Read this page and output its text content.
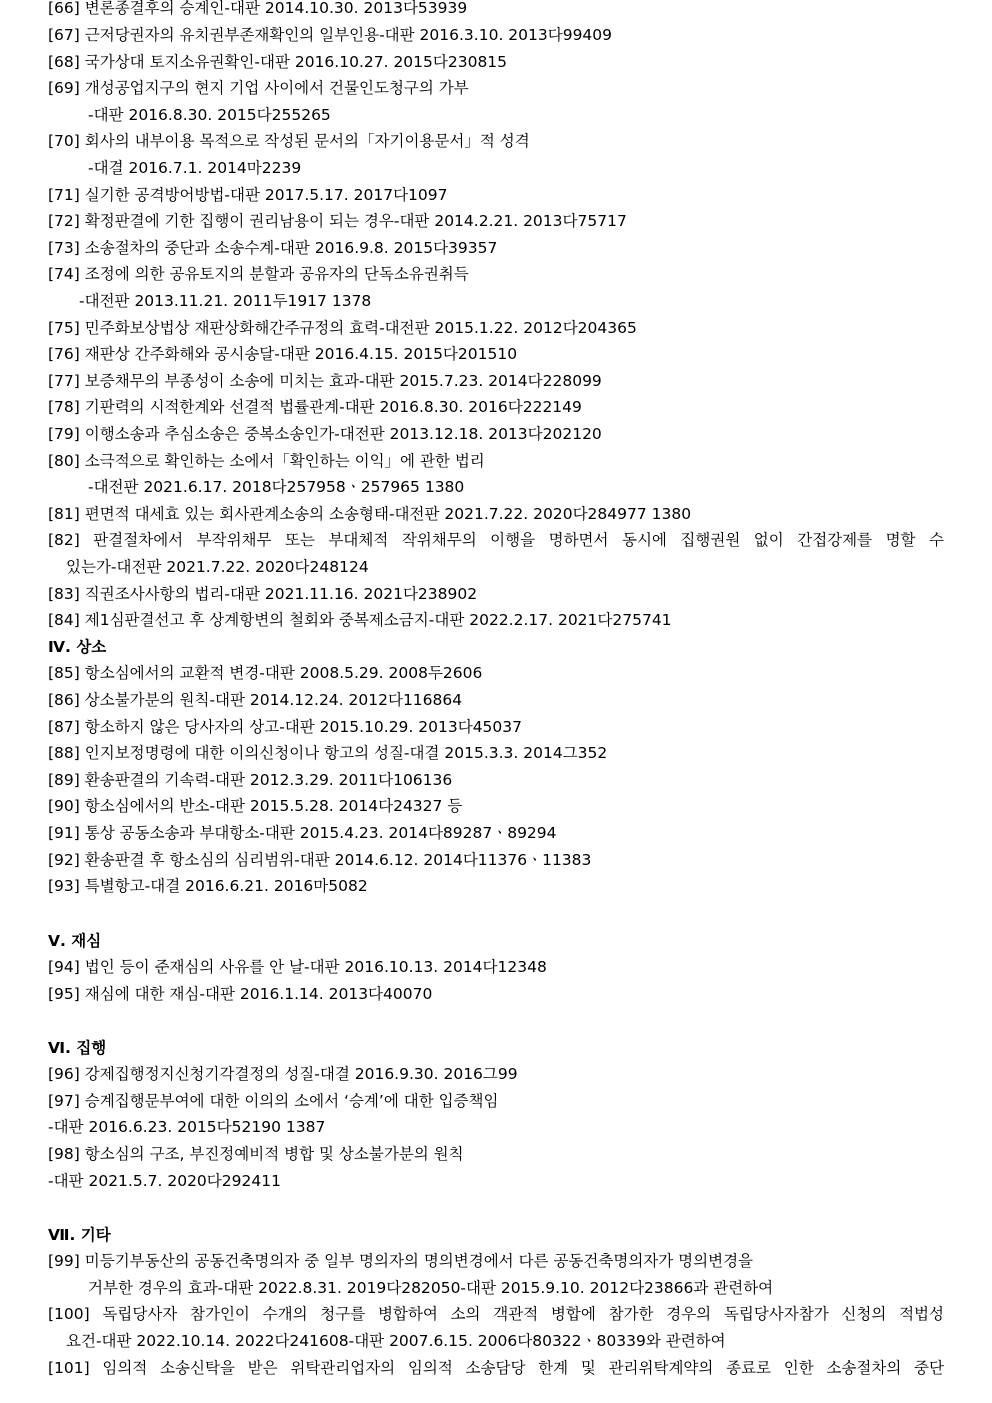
[66] 변론종결후의 승계인-대판 2014.10.30. 2013다53939
[67] 근저당권자의 유치권부존재확인의 일부인용-대판 2016.3.10. 2013다99409
[68] 국가상대 토지소유권확인-대판 2016.10.27. 2015다230815
[69] 개성공업지구의 현지 기업 사이에서 건물인도청구의 가부
-대판 2016.8.30. 2015다255265
[70] 회사의 내부이용 목적으로 작성된 문서의「자기이용문서」적 성격
-대결 2016.7.1. 2014마2239
[71] 실기한 공격방어방법-대판 2017.5.17. 2017다1097
[72] 확정판결에 기한 집행이 권리남용이 되는 경우-대판 2014.2.21. 2013다75717
[73] 소송절차의 중단과 소송수계-대판 2016.9.8. 2015다39357
[74] 조정에 의한 공유토지의 분할과 공유자의 단독소유권취득
-대전판 2013.11.21. 2011두1917 1378
[75] 민주화보상법상 재판상화해간주규정의 효력-대전판 2015.1.22. 2012다204365
[76] 재판상 간주화해와 공시송달-대판 2016.4.15. 2015다201510
[77] 보증채무의 부종성이 소송에 미치는 효과-대판 2015.7.23. 2014다228099
[78] 기판력의 시적한계와 선결적 법률관계-대판 2016.8.30. 2016다222149
[79] 이행소송과 추심소송은 중복소송인가-대전판 2013.12.18. 2013다202120
[80] 소극적으로 확인하는 소에서「확인하는 이익」에 관한 법리
-대전판 2021.6.17. 2018다257958ㆍ257965 1380
[81] 편면적 대세효 있는 회사관계소송의 소송형태-대전판 2021.7.22. 2020다284977 1380
[82] 판결절차에서 부작위채무 또는 부대체적 작위채무의 이행을 명하면서 동시에 집행권원 없이 간접강제를 명할 수
있는가-대전판 2021.7.22. 2020다248124
[83] 직권조사사항의 법리-대판 2021.11.16. 2021다238902
[84] 제1심판결선고 후 상계항변의 철회와 중복제소금지-대판 2022.2.17. 2021다275741
Ⅳ. 상소
[85] 항소심에서의 교환적 변경-대판 2008.5.29. 2008두2606
[86] 상소불가분의 원칙-대판 2014.12.24. 2012다116864
[87] 항소하지 않은 당사자의 상고-대판 2015.10.29. 2013다45037
[88] 인지보정명령에 대한 이의신청이나 항고의 성질-대결 2015.3.3. 2014그352
[89] 환송판결의 기속력-대판 2012.3.29. 2011다106136
[90] 항소심에서의 반소-대판 2015.5.28. 2014다24327 등
[91] 통상 공동소송과 부대항소-대판 2015.4.23. 2014다89287ㆍ89294
[92] 환송판결 후 항소심의 심리범위-대판 2014.6.12. 2014다11376ㆍ11383
[93] 특별항고-대결 2016.6.21. 2016마5082
Ⅴ. 재심
[94] 법인 등이 준재심의 사유를 안 날-대판 2016.10.13. 2014다12348
[95] 재심에 대한 재심-대판 2016.1.14. 2013다40070
Ⅵ. 집행
[96] 강제집행정지신청기각결정의 성질-대결 2016.9.30. 2016그99
[97] 승계집행문부여에 대한 이의의 소에서 ‘승계’에 대한 입증책임
-대판 2016.6.23. 2015다52190 1387
[98] 항소심의 구조, 부진정예비적 병합 및 상소불가분의 원칙
-대판 2021.5.7. 2020다292411
Ⅶ. 기타
[99] 미등기부동산의 공동건축명의자 중 일부 명의자의 명의변경에서 다른 공동건축명의자가 명의변경을
거부한 경우의 효과-대판 2022.8.31. 2019다282050-대판 2015.9.10. 2012다23866과 관련하여
[100] 독립당사자 참가인이 수개의 청구를 병합하여 소의 객관적 병합에 참가한 경우의 독립당사자참가 신청의 적법성
요건-대판 2022.10.14. 2022다241608-대판 2007.6.15. 2006다80322ㆍ80339와 관련하여
[101] 임의적 소송신탁을 받은 위탁관리업자의 임의적 소송담당 한계 및 관리위탁계약의 종료로 인한 소송절차의 중단
